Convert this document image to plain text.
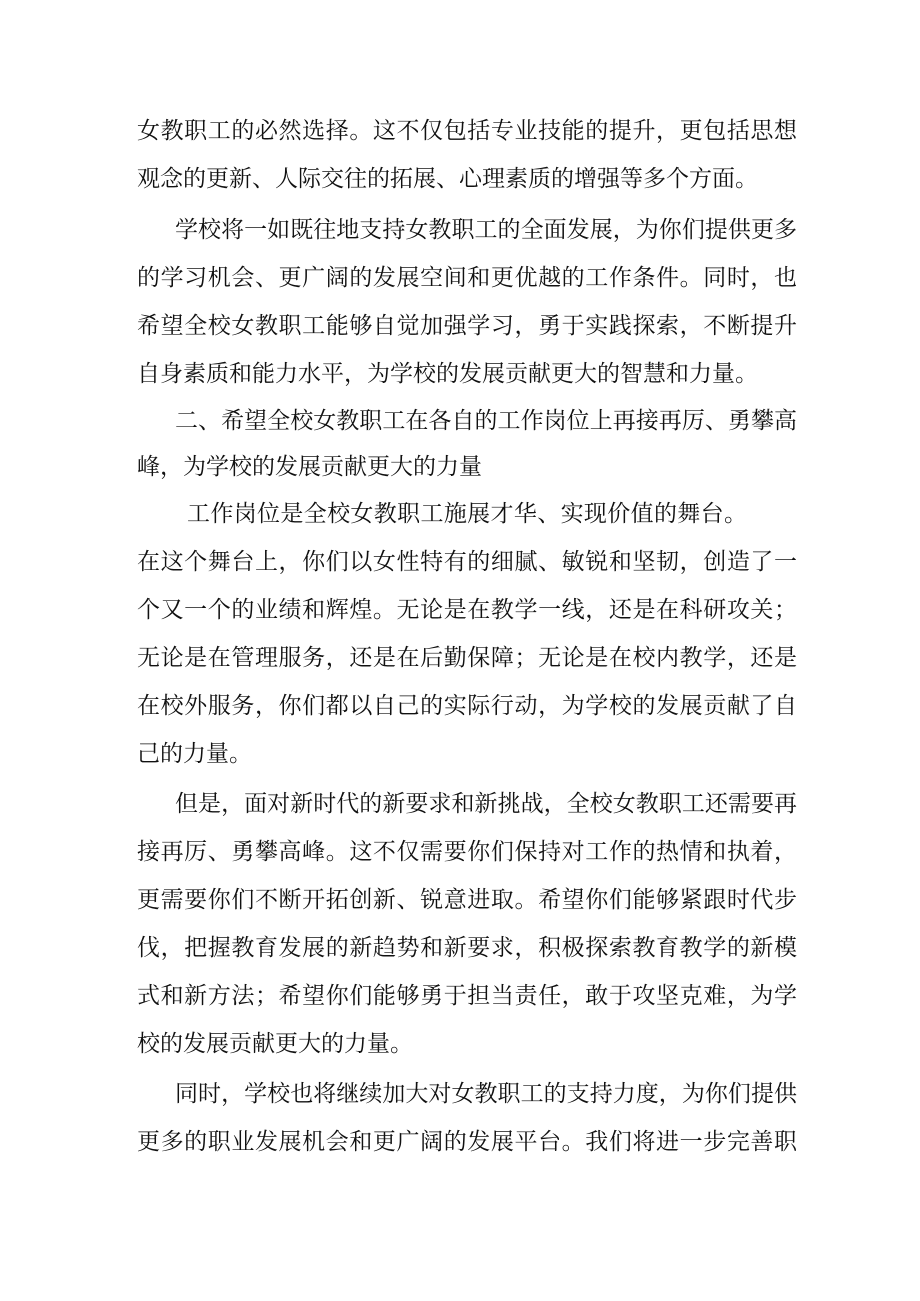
女教职工的必然选择。这不仅包括专业技能的提升，更包括思想
观念的更新、人际交往的拓展、心理素质的增强等多个方面。
学校将一如既往地支持女教职工的全面发展，为你们提供更多
的学习机会、更广阔的发展空间和更优越的工作条件。同时，也
希望全校女教职工能够自觉加强学习，勇于实践探索，不断提升
自身素质和能力水平，为学校的发展贡献更大的智慧和力量。
二、希望全校女教职工在各自的工作岗位上再接再厉、勇攀高
峰，为学校的发展贡献更大的力量
工作岗位是全校女教职工施展才华、实现价值的舞台。
在这个舞台上，你们以女性特有的细腻、敏锐和坚韧，创造了一
个又一个的业绩和辉煌。无论是在教学一线，还是在科研攻关；
无论是在管理服务，还是在后勤保障；无论是在校内教学，还是
在校外服务，你们都以自己的实际行动，为学校的发展贡献了自
己的力量。
但是，面对新时代的新要求和新挑战，全校女教职工还需要再
接再厉、勇攀高峰。这不仅需要你们保持对工作的热情和执着，
更需要你们不断开拓创新、锐意进取。希望你们能够紧跟时代步
伐，把握教育发展的新趋势和新要求，积极探索教育教学的新模
式和新方法；希望你们能够勇于担当责任，敢于攻坚克难，为学
校的发展贡献更大的力量。
同时，学校也将继续加大对女教职工的支持力度，为你们提供
更多的职业发展机会和更广阔的发展平台。我们将进一步完善职
